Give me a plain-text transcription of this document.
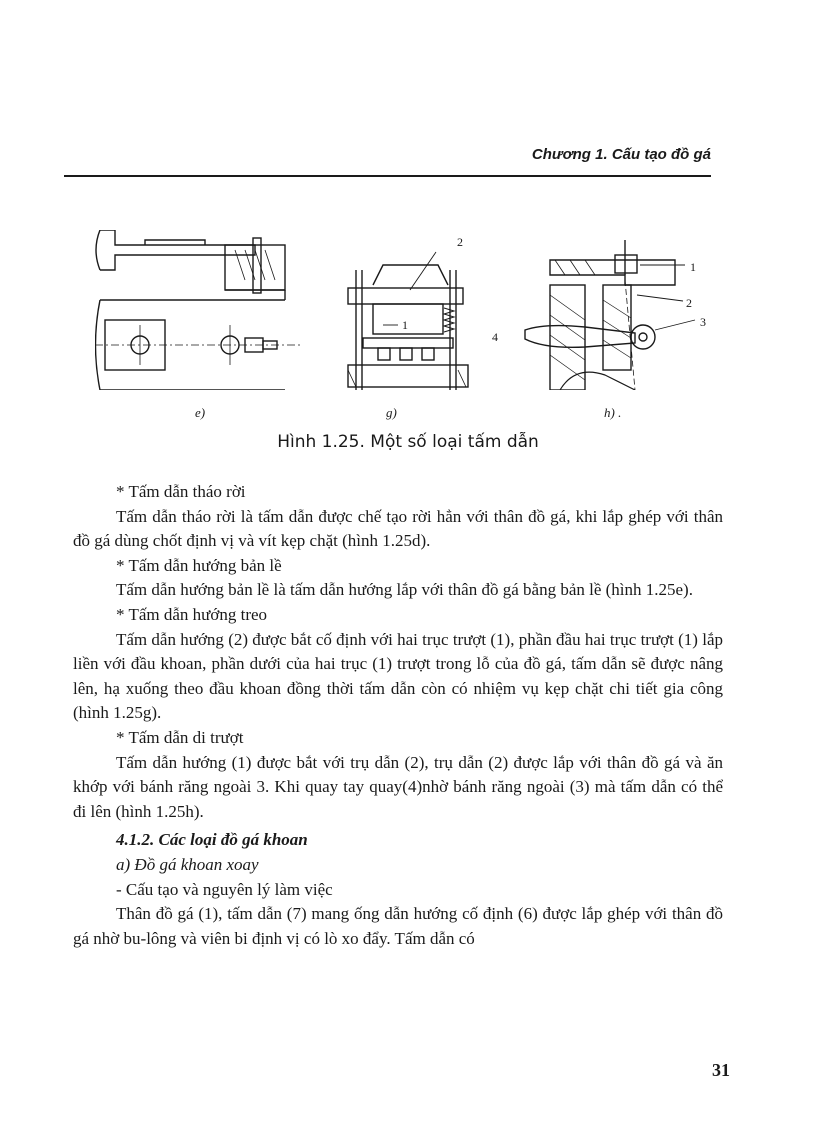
Chương 1. Cấu tạo đồ gá
2
1
1
2
3
4
e)	g)	h) .
Hình 1.25. Một số loại tấm dẫn

* Tấm dẫn tháo rời

Tấm dẫn tháo rời là tấm dẫn được chế tạo rời hẳn với thân đồ gá, khi lắp ghép với thân đồ gá dùng chốt định vị và vít kẹp chặt (hình 1.25d).

* Tấm dẫn hướng bản lề

Tấm dẫn hướng bản lề là tấm dẫn hướng lắp với thân đồ gá bằng bản lề (hình 1.25e).

* Tấm dẫn hướng treo

Tấm dẫn hướng (2) được bắt cố định với hai trục trượt (1), phần đầu hai trục trượt (1) lắp liền với đầu khoan, phần dưới của hai trục (1) trượt trong lỗ của đồ gá, tấm dẫn sẽ được nâng lên, hạ xuống theo đầu khoan đồng thời tấm dẫn còn có nhiệm vụ kẹp chặt chi tiết gia công (hình 1.25g).

* Tấm dẫn di trượt

Tấm dẫn hướng (1) được bắt với trụ dẫn (2), trụ dẫn (2) được lắp với thân đồ gá và ăn khớp với bánh răng ngoài 3. Khi quay tay quay(4)nhờ bánh răng ngoài (3) mà tấm dẫn có thể đi lên (hình 1.25h).

4.1.2. Các loại đồ gá khoan

a) Đồ gá khoan xoay

- Cấu tạo và nguyên lý làm việc

Thân đồ gá (1), tấm dẫn (7) mang ống dẫn hướng cố định (6) được lắp ghép với thân đồ gá nhờ bu-lông và viên bi định vị có lò xo đẩy. Tấm dẫn có

31
